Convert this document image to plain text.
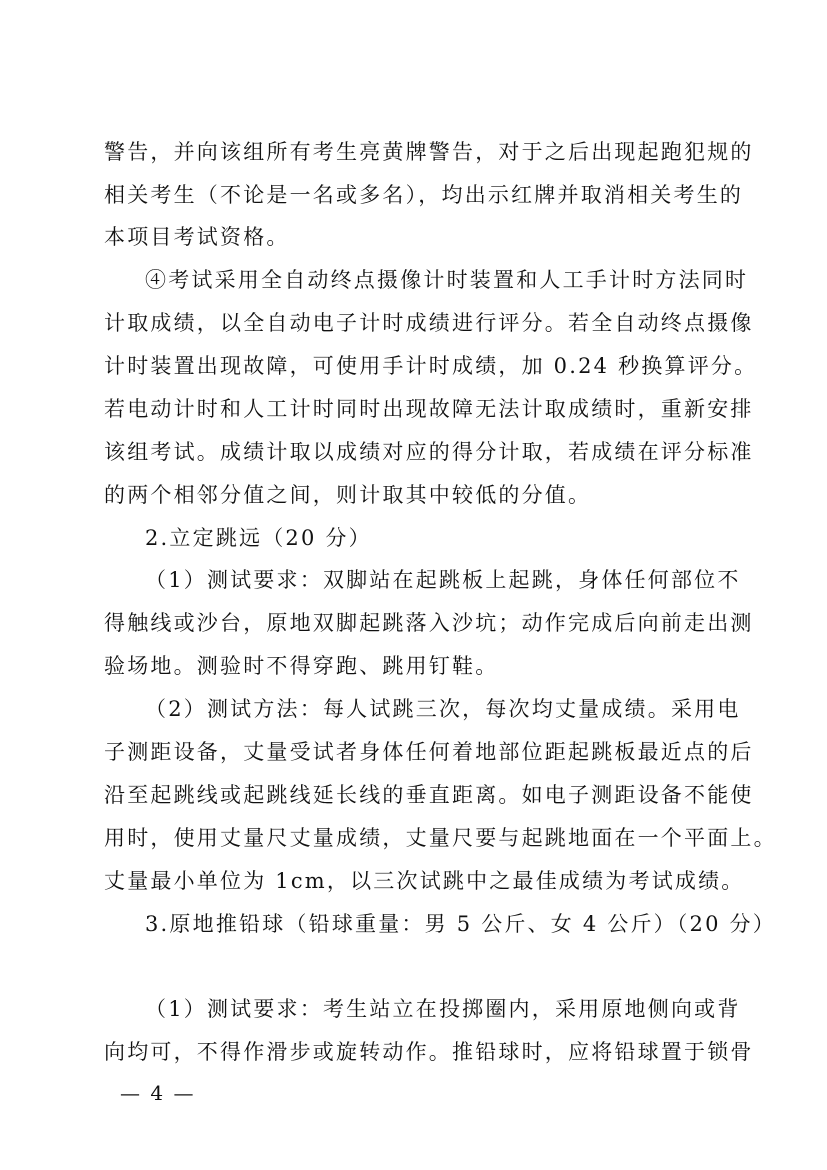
警告，并向该组所有考生亮黄牌警告，对于之后出现起跑犯规的
相关考生（不论是一名或多名），均出示红牌并取消相关考生的
本项目考试资格。
④考试采用全自动终点摄像计时装置和人工手计时方法同时
计取成绩，以全自动电子计时成绩进行评分。若全自动终点摄像
计时装置出现故障，可使用手计时成绩，加 0.24 秒换算评分。
若电动计时和人工计时同时出现故障无法计取成绩时，重新安排
该组考试。成绩计取以成绩对应的得分计取，若成绩在评分标准
的两个相邻分值之间，则计取其中较低的分值。
2.立定跳远（20 分）
（1）测试要求：双脚站在起跳板上起跳，身体任何部位不
得触线或沙台，原地双脚起跳落入沙坑；动作完成后向前走出测
验场地。测验时不得穿跑、跳用钉鞋。
（2）测试方法：每人试跳三次，每次均丈量成绩。采用电
子测距设备，丈量受试者身体任何着地部位距起跳板最近点的后
沿至起跳线或起跳线延长线的垂直距离。如电子测距设备不能使
用时，使用丈量尺丈量成绩，丈量尺要与起跳地面在一个平面上。
丈量最小单位为 1cm，以三次试跳中之最佳成绩为考试成绩。
3.原地推铅球（铅球重量：男 5 公斤、女 4 公斤）（20 分）
（1）测试要求：考生站立在投掷圈内，采用原地侧向或背
向均可，不得作滑步或旋转动作。推铅球时，应将铅球置于锁骨
— 4 —
